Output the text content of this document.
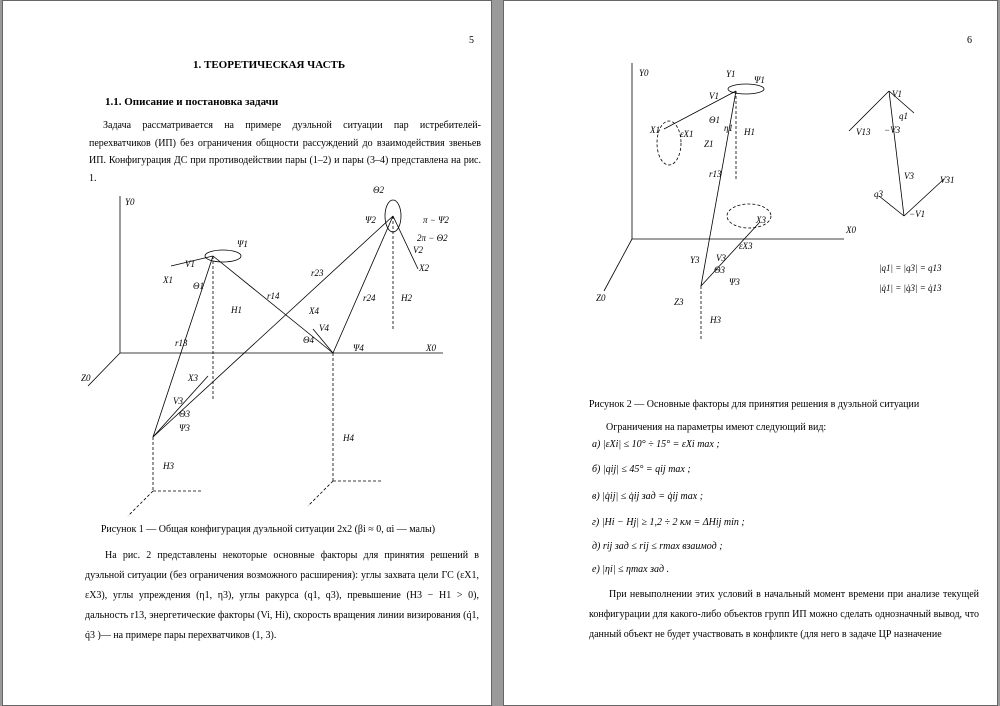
5
1. ТЕОРЕТИЧЕСКАЯ ЧАСТЬ
1.1. Описание и постановка задачи
Задача рассматривается на примере дуэльной ситуации пар истребителей-перехватчиков (ИП) без ограничения общности рассуждений до взаимодействия звеньев ИП. Конфигурация ДС при противодействии пары (1–2) и пары (3–4) представлена на рис. 1.
Y0
X0
Z0
X1
V1
Θ1
Ψ1
H1
r13
r14
r23
r24
Θ2
Ψ2	π − Ψ2
2π − Θ2
X2
V2
H2
X4
V4
Θ4
Ψ4
H4
X3
V3
Θ3
Ψ3
H3
Рисунок 1 — Общая конфигурация дуэльной ситуации 2x2 (βi ≈ 0, αi — малы)
На рис. 2 представлены некоторые основные факторы для принятия решений в дуэльной ситуации (без ограничения возможного расширения): углы захвата цели ГС (εX1, εX3), углы упреждения (η1, η3), углы ракурса (q1, q3), превышение (H3 − H1 > 0), дальность r13, энергетические факторы (Vi, Hi), скорость вращения линии визирования (q̇1, q̇3 )— на примере пары перехватчиков (1, 3).
6
Y0	Y1
Ψ1
V1
Θ1
η1
X1 εX1
Z1
H1
r13
X3
εX3
X0
Z0
Y3 V3
Θ3
Ψ3
Z3
H3
V1
V13
q1
−V3
V3
q3
V31
−V1
|q1| = |q3| = q13
|q̇1| = |q̇3| = q̇13
Рисунок 2 — Основные факторы для принятия решения в дуэльной ситуации
Ограничения на параметры имеют следующий вид:
а) |εXi| ≤ 10° ÷ 15° = εXi max ;
б) |qij| ≤ 45° = qij max ;
в) |q̇ij| ≤ q̇ij зад = q̇ij max ;
г) |Hi − Hj| ≥ 1,2 ÷ 2 км = ΔHij min ;
д) rij зад ≤ rij ≤ rmax взаимод ;
е) |ηi| ≤ ηmax зад .
При невыполнении этих условий в начальный момент времени при анализе текущей конфигурации для какого-либо объектов групп ИП можно сделать однозначный вывод, что данный объект не будет участвовать в конфликте (для него в задаче ЦР назначение
